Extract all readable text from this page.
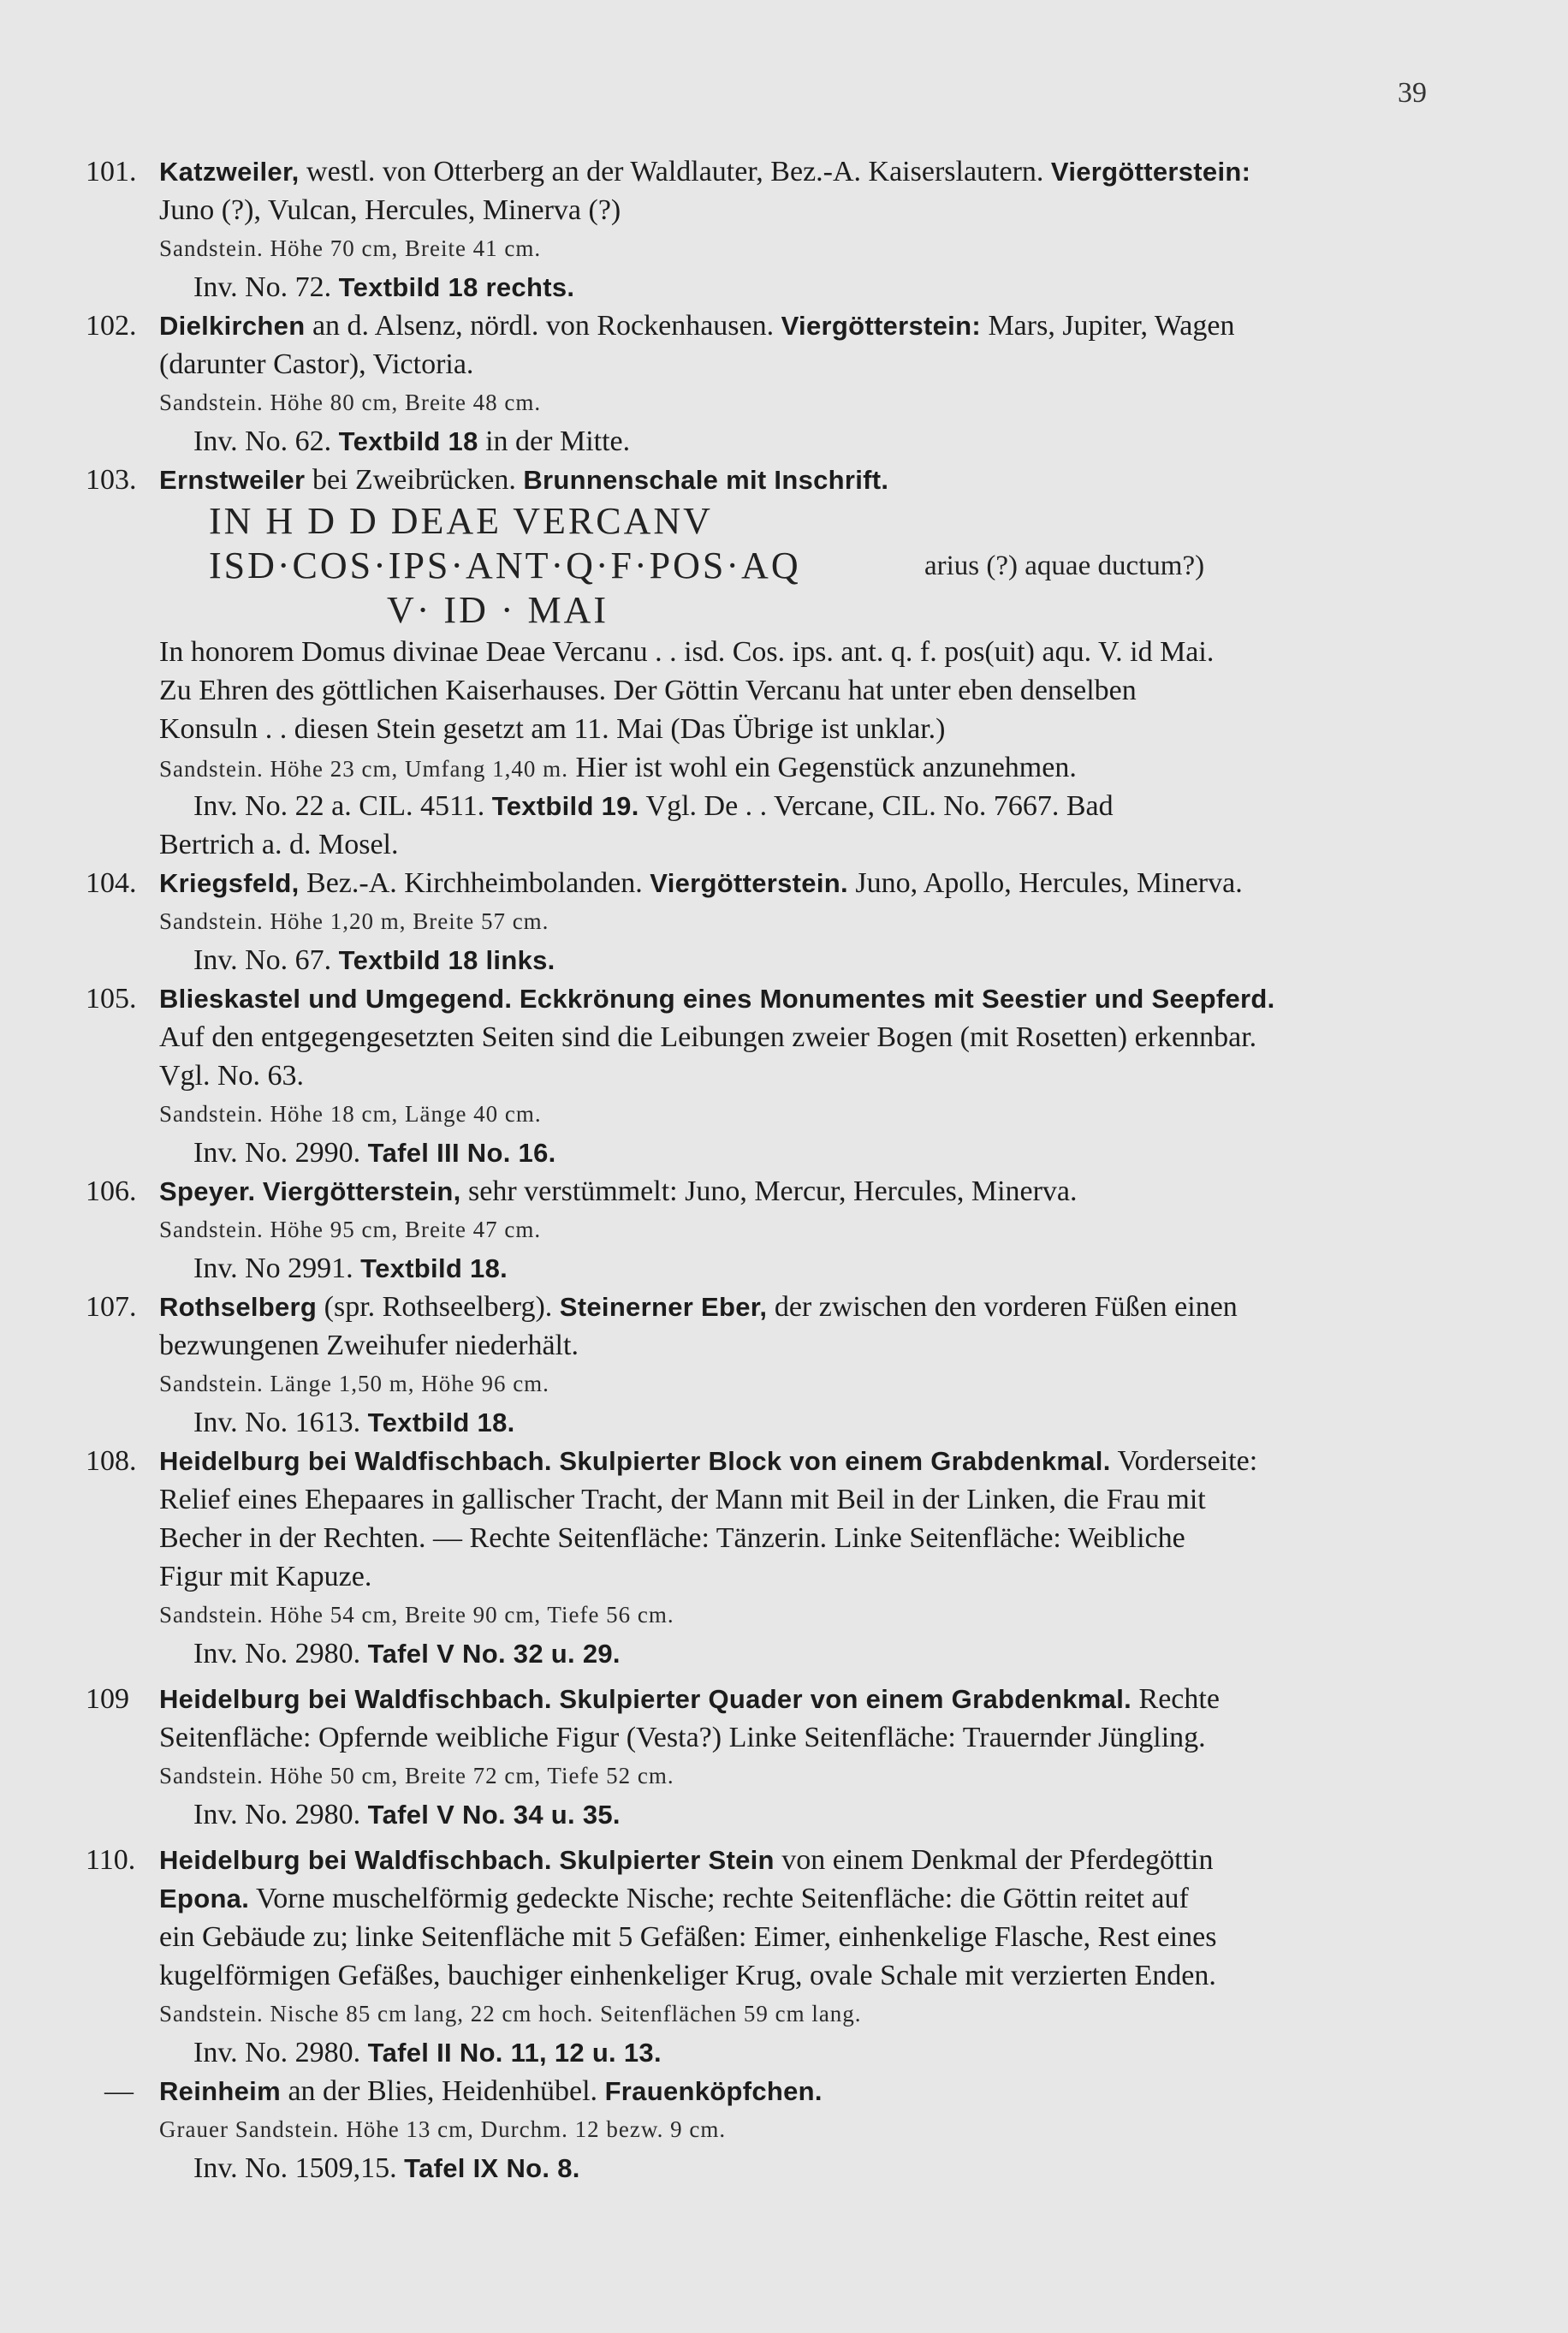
39
101. Katzweiler, westl. von Otterberg an der Waldlauter, Bez.-A. Kaiserslautern. Viergötterstein:
Juno (?), Vulcan, Hercules, Minerva (?)
Sandstein. Höhe 70 cm, Breite 41 cm.
Inv. No. 72. Textbild 18 rechts.
102. Dielkirchen an d. Alsenz, nördl. von Rockenhausen. Viergötterstein: Mars, Jupiter, Wagen
(darunter Castor), Victoria.
Sandstein. Höhe 80 cm, Breite 48 cm.
Inv. No. 62. Textbild 18 in der Mitte.
103. Ernstweiler bei Zweibrücken. Brunnenschale mit Inschrift.
IN H D D DEAE VERCANV
ISD·COS·IPS·ANT·Q·F·POS·AQ	arius (?) aquae ductum?)
V· ID · MAI
In honorem Domus divinae Deae Vercanu . . isd. Cos. ips. ant. q. f. pos(uit) aqu. V. id Mai.
Zu Ehren des göttlichen Kaiserhauses. Der Göttin Vercanu hat unter eben denselben
Konsuln . . diesen Stein gesetzt am 11. Mai (Das Übrige ist unklar.)
Sandstein. Höhe 23 cm, Umfang 1,40 m. Hier ist wohl ein Gegenstück anzunehmen.
Inv. No. 22 a. CIL. 4511. Textbild 19. Vgl. De . . Vercane, CIL. No. 7667. Bad
Bertrich a. d. Mosel.
104. Kriegsfeld, Bez.-A. Kirchheimbolanden. Viergötterstein. Juno, Apollo, Hercules, Minerva.
Sandstein. Höhe 1,20 m, Breite 57 cm.
Inv. No. 67. Textbild 18 links.
105. Blieskastel und Umgegend. Eckkrönung eines Monumentes mit Seestier und Seepferd.
Auf den entgegengesetzten Seiten sind die Leibungen zweier Bogen (mit Rosetten) erkennbar.
Vgl. No. 63.
Sandstein. Höhe 18 cm, Länge 40 cm.
Inv. No. 2990. Tafel III No. 16.
106. Speyer. Viergötterstein, sehr verstümmelt: Juno, Mercur, Hercules, Minerva.
Sandstein. Höhe 95 cm, Breite 47 cm.
Inv. No 2991. Textbild 18.
107. Rothselberg (spr. Rothseelberg). Steinerner Eber, der zwischen den vorderen Füßen einen
bezwungenen Zweihufer niederhält.
Sandstein. Länge 1,50 m, Höhe 96 cm.
Inv. No. 1613. Textbild 18.
108. Heidelburg bei Waldfischbach. Skulpierter Block von einem Grabdenkmal. Vorderseite:
Relief eines Ehepaares in gallischer Tracht, der Mann mit Beil in der Linken, die Frau mit
Becher in der Rechten. — Rechte Seitenfläche: Tänzerin. Linke Seitenfläche: Weibliche
Figur mit Kapuze.
Sandstein. Höhe 54 cm, Breite 90 cm, Tiefe 56 cm.
Inv. No. 2980. Tafel V No. 32 u. 29.
109 Heidelburg bei Waldfischbach. Skulpierter Quader von einem Grabdenkmal. Rechte
Seitenfläche: Opfernde weibliche Figur (Vesta?) Linke Seitenfläche: Trauernder Jüngling.
Sandstein. Höhe 50 cm, Breite 72 cm, Tiefe 52 cm.
Inv. No. 2980. Tafel V No. 34 u. 35.
110. Heidelburg bei Waldfischbach. Skulpierter Stein von einem Denkmal der Pferdegöttin
Epona. Vorne muschelförmig gedeckte Nische; rechte Seitenfläche: die Göttin reitet auf
ein Gebäude zu; linke Seitenfläche mit 5 Gefäßen: Eimer, einhenkelige Flasche, Rest eines
kugelförmigen Gefäßes, bauchiger einhenkeliger Krug, ovale Schale mit verzierten Enden.
Sandstein. Nische 85 cm lang, 22 cm hoch. Seitenflächen 59 cm lang.
Inv. No. 2980. Tafel II No. 11, 12 u. 13.
— Reinheim an der Blies, Heidenhübel. Frauenköpfchen.
Grauer Sandstein. Höhe 13 cm, Durchm. 12 bezw. 9 cm.
Inv. No. 1509,15. Tafel IX No. 8.
